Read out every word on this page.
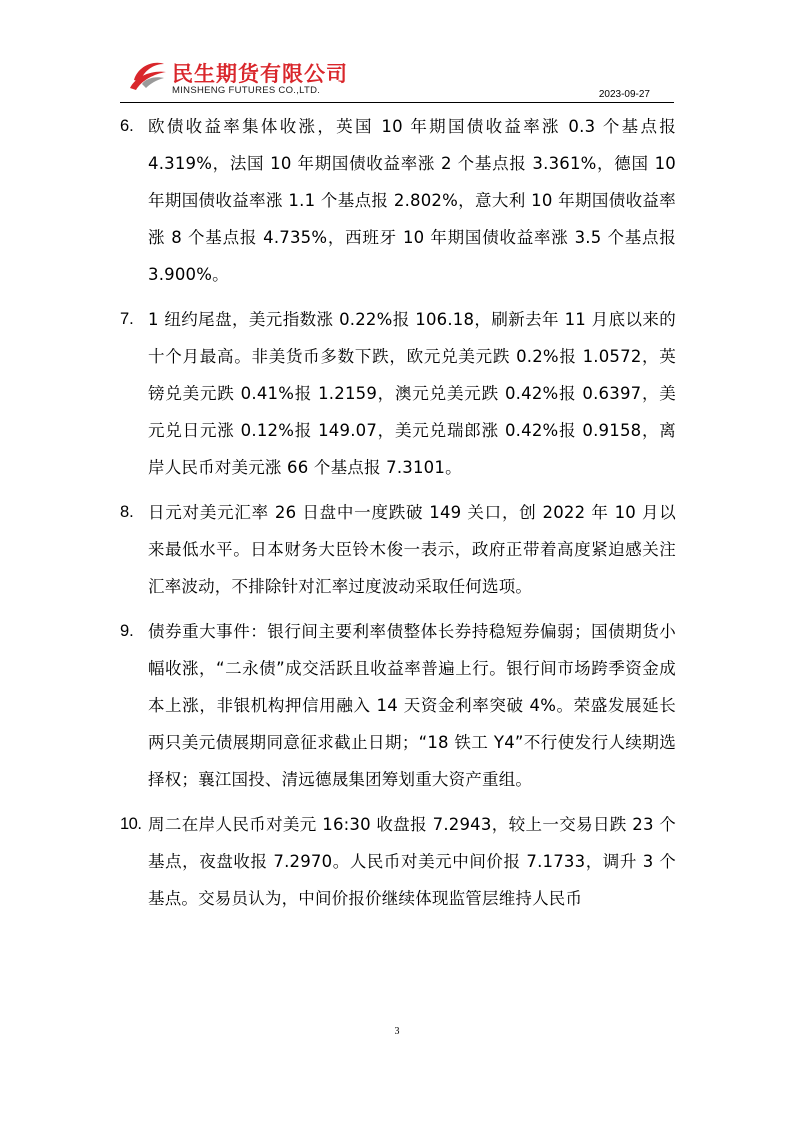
民生期货有限公司
MINSHENG FUTURES CO.,LTD.	2023-09-27
6. 欧债收益率集体收涨，英国 10 年期国债收益率涨 0.3 个基点报 4.319%，法国 10 年期国债收益率涨 2 个基点报 3.361%，德国 10 年期国债收益率涨 1.1 个基点报 2.802%，意大利 10 年期国债收益率涨 8 个基点报 4.735%，西班牙 10 年期国债收益率涨 3.5 个基点报 3.900%。
7. 1 纽约尾盘，美元指数涨 0.22%报 106.18，刷新去年 11 月底以来的十个月最高。非美货币多数下跌，欧元兑美元跌 0.2%报 1.0572，英镑兑美元跌 0.41%报 1.2159，澳元兑美元跌 0.42%报 0.6397，美元兑日元涨 0.12%报 149.07，美元兑瑞郎涨 0.42%报 0.9158，离岸人民币对美元涨 66 个基点报 7.3101。
8. 日元对美元汇率 26 日盘中一度跌破 149 关口，创 2022 年 10 月以来最低水平。日本财务大臣铃木俊一表示，政府正带着高度紧迫感关注汇率波动，不排除针对汇率过度波动采取任何选项。
9. 债券重大事件：银行间主要利率债整体长券持稳短券偏弱；国债期货小幅收涨，“二永债”成交活跃且收益率普遍上行。银行间市场跨季资金成本上涨，非银机构押信用融入 14 天资金利率突破 4%。荣盛发展延长两只美元债展期同意征求截止日期；“18 铁工 Y4”不行使发行人续期选择权；襄江国投、清远德晟集团筹划重大资产重组。
10. 周二在岸人民币对美元 16:30 收盘报 7.2943，较上一交易日跌 23 个基点，夜盘收报 7.2970。人民币对美元中间价报 7.1733，调升 3 个基点。交易员认为，中间价报价继续体现监管层维持人民币
3
